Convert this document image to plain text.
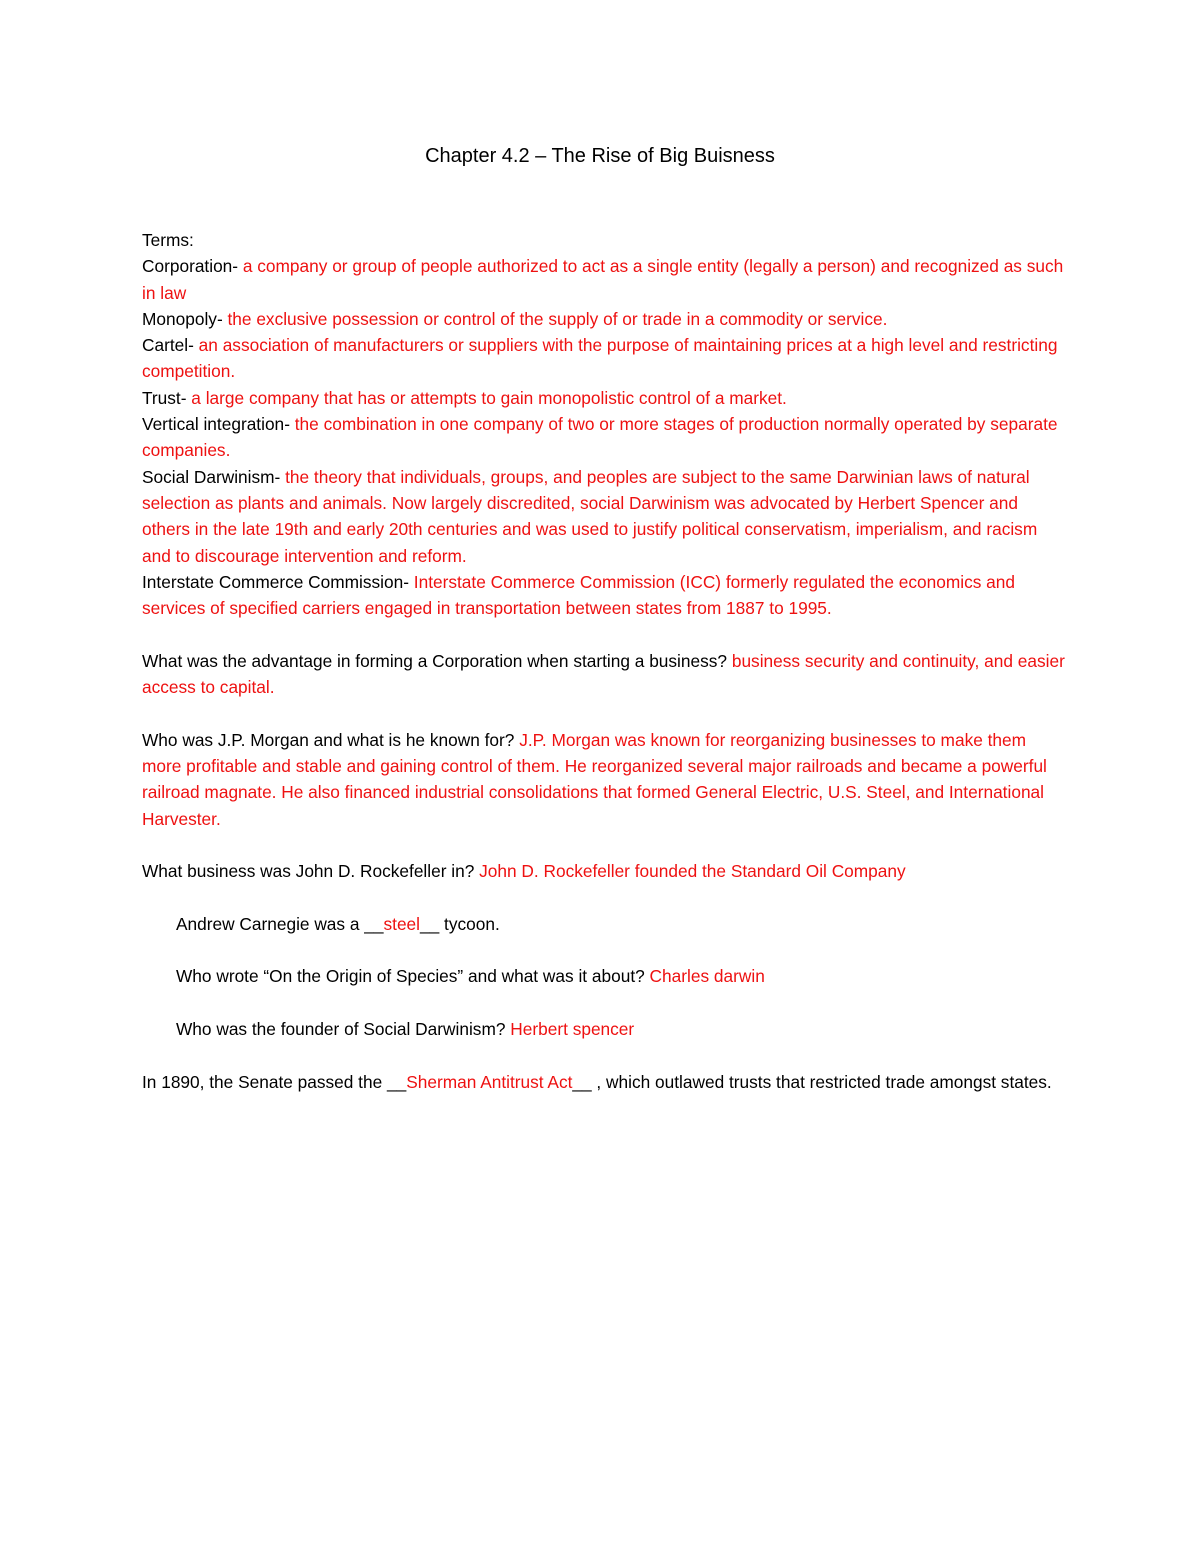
Chapter 4.2 – The Rise of Big Buisness

Terms:

Corporation- a company or group of people authorized to act as a single entity (legally a person) and recognized as such in law

Monopoly- the exclusive possession or control of the supply of or trade in a commodity or service.

Cartel- an association of manufacturers or suppliers with the purpose of maintaining prices at a high level and restricting competition.

Trust- a large company that has or attempts to gain monopolistic control of a market.

Vertical integration- the combination in one company of two or more stages of production normally operated by separate companies.

Social Darwinism- the theory that individuals, groups, and peoples are subject to the same Darwinian laws of natural selection as plants and animals. Now largely discredited, social Darwinism was advocated by Herbert Spencer and others in the late 19th and early 20th centuries and was used to justify political conservatism, imperialism, and racism and to discourage intervention and reform.

Interstate Commerce Commission- Interstate Commerce Commission (ICC) formerly regulated the economics and services of specified carriers engaged in transportation between states from 1887 to 1995.

What was the advantage in forming a Corporation when starting a business? business security and continuity, and easier access to capital.

Who was J.P. Morgan and what is he known for? J.P. Morgan was known for reorganizing businesses to make them more profitable and stable and gaining control of them. He reorganized several major railroads and became a powerful railroad magnate. He also financed industrial consolidations that formed General Electric, U.S. Steel, and International Harvester.

What business was John D. Rockefeller in? John D. Rockefeller founded the Standard Oil Company

Andrew Carnegie was a __steel__ tycoon.

Who wrote “On the Origin of Species” and what was it about? Charles darwin

Who was the founder of Social Darwinism? Herbert spencer

In 1890, the Senate passed the __Sherman Antitrust Act__ , which outlawed trusts that restricted trade amongst states.
